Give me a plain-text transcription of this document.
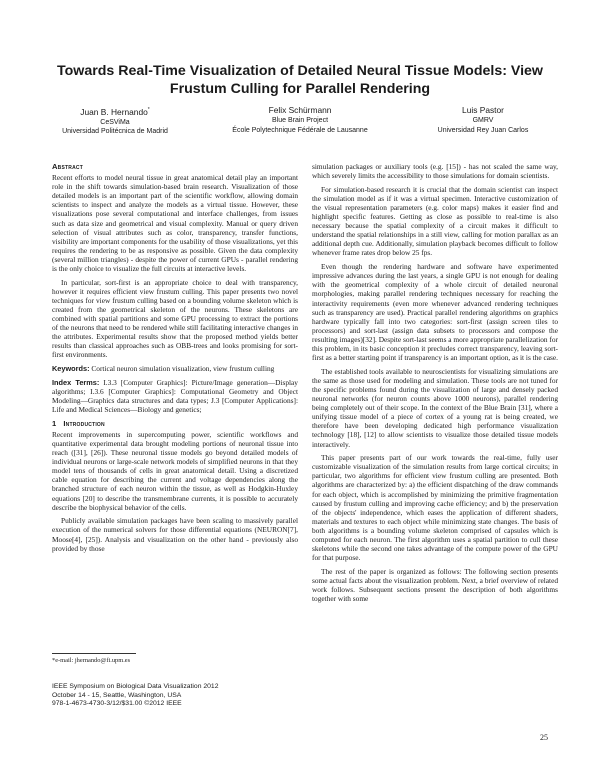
Towards Real-Time Visualization of Detailed Neural Tissue Models: View Frustum Culling for Parallel Rendering
Juan B. Hernando*
CeSViMa
Universidad Politécnica de Madrid
Felix Schürmann
Blue Brain Project
École Polytechnique Fédérale de Lausanne
Luis Pastor
GMRV
Universidad Rey Juan Carlos
Abstract

Recent efforts to model neural tissue in great anatomical detail play an important role in the shift towards simulation-based brain research. Visualization of those detailed models is an important part of the scientific workflow, allowing domain scientists to inspect and analyze the models as a virtual tissue. However, these visualizations pose several computational and interface challenges, from issues such as data size and geometrical and visual complexity. Manual or query driven selection of visual attributes such as color, transparency, transfer functions, visibility are important components for the usability of those visualizations, yet this requires the rendering to be as responsive as possible. Given the data complexity (several million triangles) - despite the power of current GPUs - parallel rendering is the only choice to visualize the full circuits at interactive levels.

In particular, sort-first is an appropriate choice to deal with transparency, however it requires efficient view frustum culling. This paper presents two novel techniques for view frustum culling based on a bounding volume skeleton which is created from the geometrical skeleton of the neurons. These skeletons are combined with spatial partitions and some GPU processing to extract the portions of the neurons that need to be rendered while still facilitating interactive changes in the attributes. Experimental results show that the proposed method yields better results than classical approaches such as OBB-trees and looks promising for sort-first environments.

Keywords: Cortical neuron simulation visualization, view frustum culling

Index Terms: I.3.3 [Computer Graphics]: Picture/Image generation—Display algorithms; I.3.6 [Computer Graphics]: Computational Geometry and Object Modeling—Graphics data structures and data types; J.3 [Computer Applications]: Life and Medical Sciences—Biology and genetics;

1 Introduction

Recent improvements in supercomputing power, scientific workflows and quantitative experimental data brought modeling portions of neuronal tissue into reach ([31], [26]). These neuronal tissue models go beyond detailed models of individual neurons or large-scale network models of simplified neurons in that they model tens of thousands of cells in great anatomical detail. Using a discretized cable equation for describing the current and voltage dependencies along the branched structure of each neuron within the tissue, as well as Hodgkin-Huxley equations [20] to describe the transmembrane currents, it is possible to accurately describe the biophysical behavior of the cells.

Publicly available simulation packages have been scaling to massively parallel execution of the numerical solvers for those differential equations (NEURON[7], Moose[4], [25]). Analysis and visualization on the other hand - previously also provided by those

*e-mail: jhernando@fi.upm.es
IEEE Symposium on Biological Data Visualization 2012
October 14 - 15, Seattle, Washington, USA
978-1-4673-4730-3/12/$31.00 ©2012 IEEE

simulation packages or auxiliary tools (e.g. [15]) - has not scaled the same way, which severely limits the accessibility to those simulations for domain scientists.

For simulation-based research it is crucial that the domain scientist can inspect the simulation model as if it was a virtual specimen. Interactive customization of the visual representation parameters (e.g. color maps) makes it easier find and highlight specific features. Getting as close as possible to real-time is also necessary because the spatial complexity of a circuit makes it difficult to understand the spatial relationships in a still view, calling for motion parallax as an additional depth cue. Additionally, simulation playback becomes difficult to follow whenever frame rates drop below 25 fps.

Even though the rendering hardware and software have experimented impressive advances during the last years, a single GPU is not enough for dealing with the geometrical complexity of a whole circuit of detailed neuronal morphologies, making parallel rendering techniques necessary for reaching the interactivity requirements (even more whenever advanced rendering techniques such as transparency are used). Practical parallel rendering algorithms on graphics hardware typically fall into two categories: sort-first (assign screen tiles to processors) and sort-last (assign data subsets to processors and compose the resulting images)[32]. Despite sort-last seems a more appropriate parallelization for this problem, in its basic conception it precludes correct transparency, leaving sort-first as a better starting point if transparency is an important option, as it is the case.

The established tools available to neuroscientists for visualizing simulations are the same as those used for modeling and simulation. These tools are not tuned for the specific problems found during the visualization of large and densely packed neuronal networks (for neuron counts above 1000 neurons), parallel rendering being completely out of their scope. In the context of the Blue Brain [31], where a unifying tissue model of a piece of cortex of a young rat is being created, we therefore have been developing dedicated high performance visualization technology [18], [12] to allow scientists to visualize those detailed tissue models interactively.

This paper presents part of our work towards the real-time, fully user customizable visualization of the simulation results from large cortical circuits; in particular, two algorithms for efficient view frustum culling are presented. Both algorithms are characterized by: a) the efficient dispatching of the draw commands for each object, which is accomplished by minimizing the primitive fragmentation caused by frustum culling and improving cache efficiency; and b) the preservation of the objects' independence, which eases the application of different shaders, materials and textures to each object while minimizing state changes. The basis of both algorithms is a bounding volume skeleton comprised of capsules which is computed for each neuron. The first algorithm uses a spatial partition to cull these skeletons while the second one takes advantage of the compute power of the GPU for that purpose.

The rest of the paper is organized as follows: The following section presents some actual facts about the visualization problem. Next, a brief overview of related work follows. Subsequent sections present the description of both algorithms together with some

25
